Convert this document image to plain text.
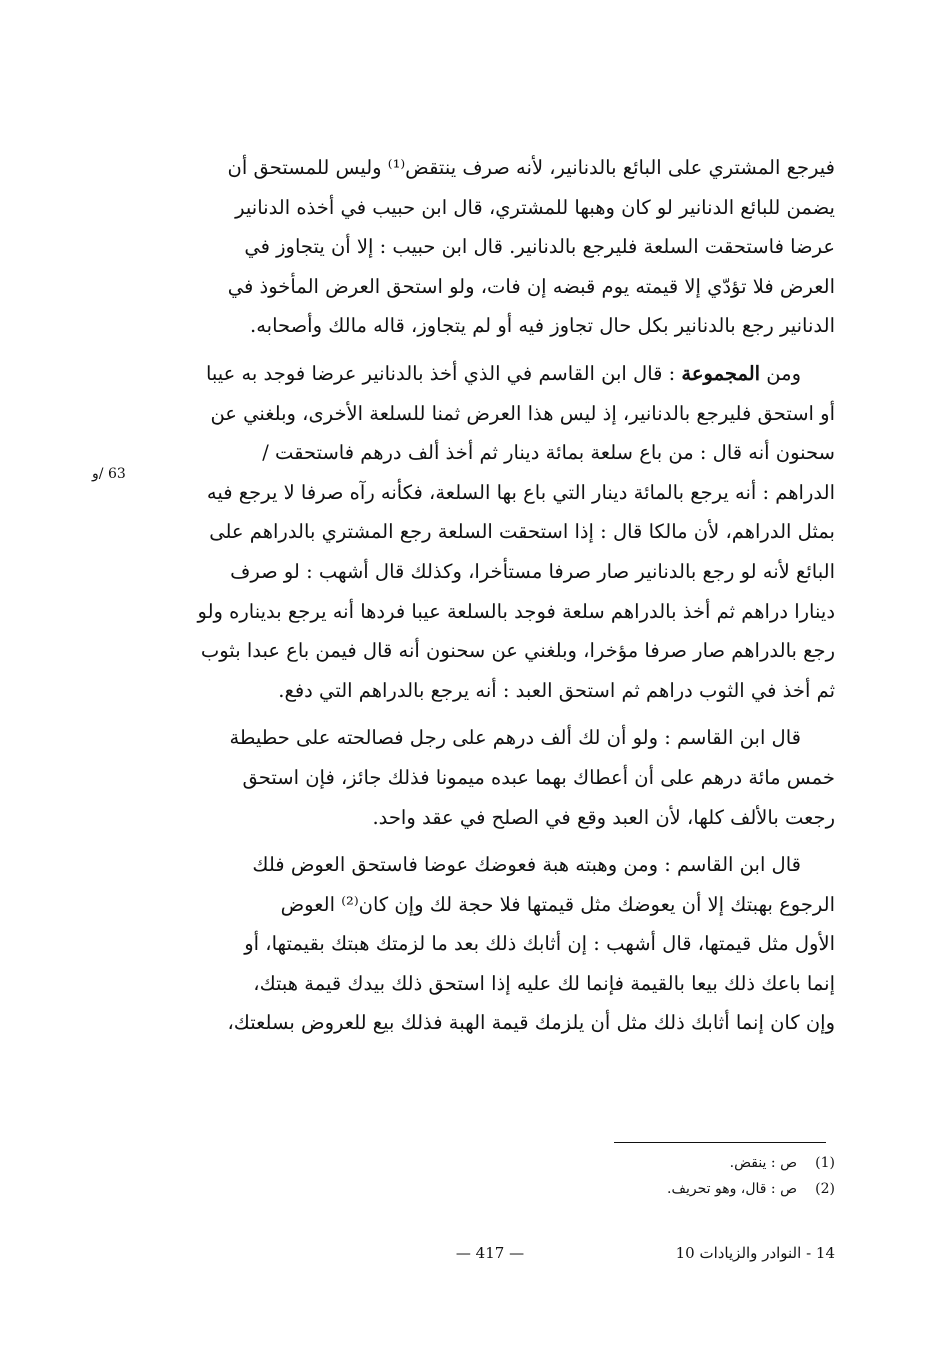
فيرجع المشتري على البائع بالدنانير، لأنه صرف ينتقض⁽¹⁾ وليس للمستحق أن
يضمن للبائع الدنانير لو كان وهبها للمشتري، قال ابن حبيب في أخذه الدنانير
عرضا فاستحقت السلعة فليرجع بالدنانير. قال ابن حبيب : إلا أن يتجاوز في
العرض فلا تؤدّي إلا قيمته يوم قبضه إن فات، ولو استحق العرض المأخوذ في
الدنانير رجع بالدنانير بكل حال تجاوز فيه أو لم يتجاوز، قاله مالك وأصحابه.
ومن المجموعة : قال ابن القاسم في الذي أخذ بالدنانير عرضا فوجد به عيبا
أو استحق فليرجع بالدنانير، إذ ليس هذا العرض ثمنا للسلعة الأخرى، وبلغني عن
سحنون أنه قال : من باع سلعة بمائة دينار ثم أخذ ألف درهم فاستحقت /
الدراهم : أنه يرجع بالمائة دينار التي باع بها السلعة، فكأنه رآه صرفا لا يرجع فيه
بمثل الدراهم، لأن مالكا قال : إذا استحقت السلعة رجع المشتري بالدراهم على
البائع لأنه لو رجع بالدنانير صار صرفا مستأخرا، وكذلك قال أشهب : لو صرف
دينارا دراهم ثم أخذ بالدراهم سلعة فوجد بالسلعة عيبا فردها أنه يرجع بديناره ولو
رجع بالدراهم صار صرفا مؤخرا، وبلغني عن سحنون أنه قال فيمن باع عبدا بثوب
ثم أخذ في الثوب دراهم ثم استحق العبد : أنه يرجع بالدراهم التي دفع.
قال ابن القاسم : ولو أن لك ألف درهم على رجل فصالحته على حطيطة
خمس مائة درهم على أن أعطاك بهما عبده ميمونا فذلك جائز، فإن استحق
رجعت بالألف كلها، لأن العبد وقع في الصلح في عقد واحد.
قال ابن القاسم : ومن وهبته هبة فعوضك عوضا فاستحق العوض فلك
الرجوع بهبتك إلا أن يعوضك مثل قيمتها فلا حجة لك وإن كان⁽²⁾ العوض
الأول مثل قيمتها، قال أشهب : إن أثابك ذلك بعد ما لزمتك هبتك بقيمتها، أو
إنما باعك ذلك بيعا بالقيمة فإنما لك عليه إذا استحق ذلك بيدك قيمة هبتك،
وإن كان إنما أثابك ذلك مثل أن يلزمك قيمة الهبة فذلك بيع للعروض بسلعتك،
63 /و
(1)ص : ينقض.
(2)ص : قال، وهو تحريف.
— 417 —	14 - النوادر والزيادات 10
